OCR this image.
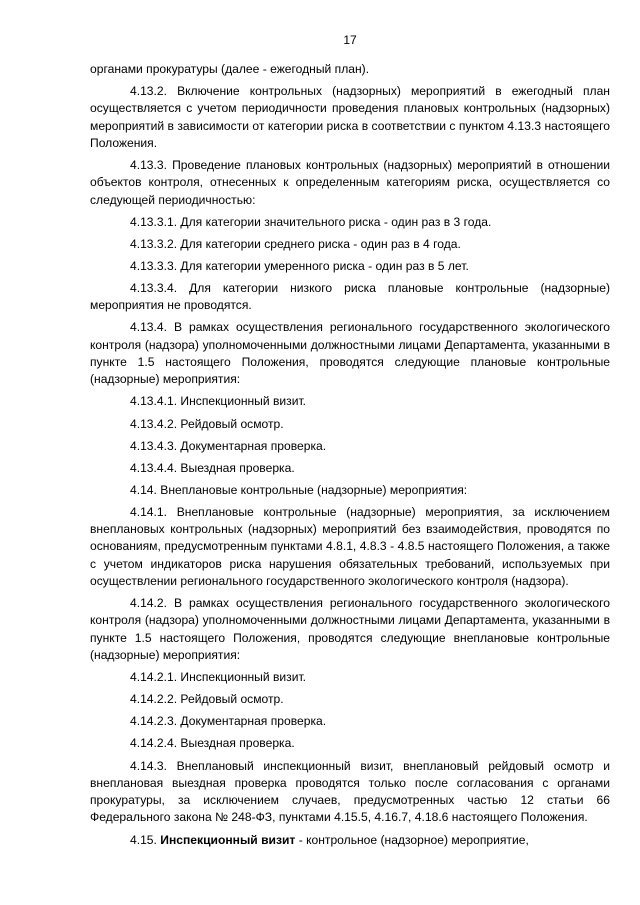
17

органами прокуратуры (далее - ежегодный план).

4.13.2. Включение контрольных (надзорных) мероприятий в ежегодный план осуществляется с учетом периодичности проведения плановых контрольных (надзорных) мероприятий в зависимости от категории риска в соответствии с пунктом 4.13.3 настоящего Положения.

4.13.3. Проведение плановых контрольных (надзорных) мероприятий в отношении объектов контроля, отнесенных к определенным категориям риска, осуществляется со следующей периодичностью:

4.13.3.1. Для категории значительного риска - один раз в 3 года.

4.13.3.2. Для категории среднего риска - один раз в 4 года.

4.13.3.3. Для категории умеренного риска - один раз в 5 лет.

4.13.3.4. Для категории низкого риска плановые контрольные (надзорные) мероприятия не проводятся.

4.13.4. В рамках осуществления регионального государственного экологического контроля (надзора) уполномоченными должностными лицами Департамента, указанными в пункте 1.5 настоящего Положения, проводятся следующие плановые контрольные (надзорные) мероприятия:

4.13.4.1. Инспекционный визит.

4.13.4.2. Рейдовый осмотр.

4.13.4.3. Документарная проверка.

4.13.4.4. Выездная проверка.

4.14. Внеплановые контрольные (надзорные) мероприятия:

4.14.1. Внеплановые контрольные (надзорные) мероприятия, за исключением внеплановых контрольных (надзорных) мероприятий без взаимодействия, проводятся по основаниям, предусмотренным пунктами 4.8.1, 4.8.3 - 4.8.5 настоящего Положения, а также с учетом индикаторов риска нарушения обязательных требований, используемых при осуществлении регионального государственного экологического контроля (надзора).

4.14.2. В рамках осуществления регионального государственного экологического контроля (надзора) уполномоченными должностными лицами Департамента, указанными в пункте 1.5 настоящего Положения, проводятся следующие внеплановые контрольные (надзорные) мероприятия:

4.14.2.1. Инспекционный визит.

4.14.2.2. Рейдовый осмотр.

4.14.2.3. Документарная проверка.

4.14.2.4. Выездная проверка.

4.14.3. Внеплановый инспекционный визит, внеплановый рейдовый осмотр и внеплановая выездная проверка проводятся только после согласования с органами прокуратуры, за исключением случаев, предусмотренных частью 12 статьи 66 Федерального закона № 248-ФЗ, пунктами 4.15.5, 4.16.7, 4.18.6 настоящего Положения.

4.15. Инспекционный визит - контрольное (надзорное) мероприятие,
